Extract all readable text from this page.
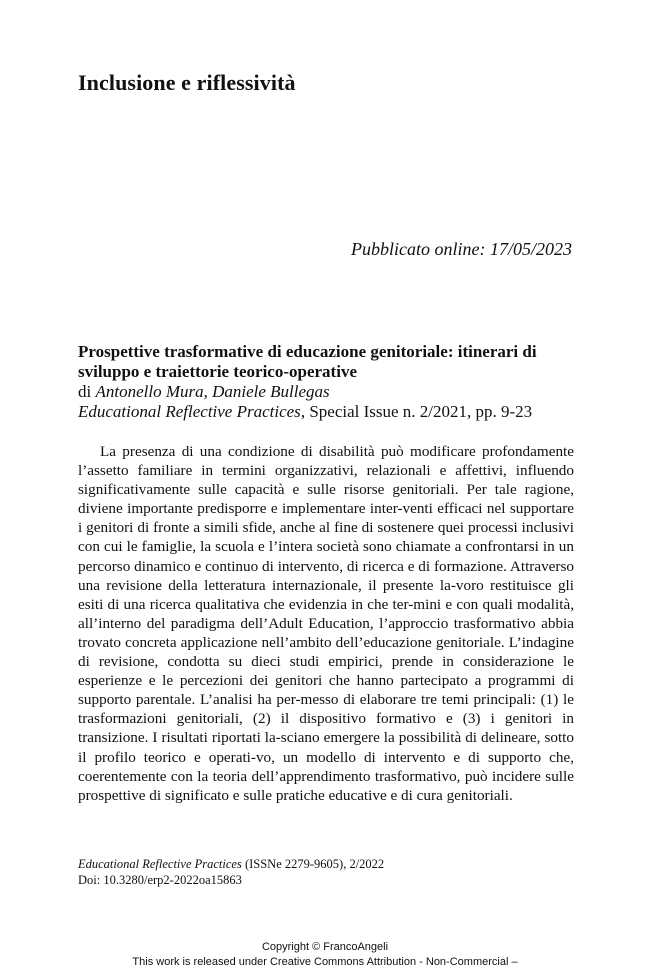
Inclusione e riflessività
Pubblicato online: 17/05/2023
Prospettive trasformative di educazione genitoriale: itinerari di sviluppo e traiettorie teorico-operative
di Antonello Mura, Daniele Bullegas
Educational Reflective Practices, Special Issue n. 2/2021, pp. 9-23

La presenza di una condizione di disabilità può modificare profondamente l’assetto familiare in termini organizzativi, relazionali e affettivi, influendo significativamente sulle capacità e sulle risorse genitoriali. Per tale ragione, diviene importante predisporre e implementare inter-venti efficaci nel supportare i genitori di fronte a simili sfide, anche al fine di sostenere quei processi inclusivi con cui le famiglie, la scuola e l’intera società sono chiamate a confrontarsi in un percorso dinamico e continuo di intervento, di ricerca e di formazione. Attraverso una revisione della letteratura internazionale, il presente la-voro restituisce gli esiti di una ricerca qualitativa che evidenzia in che ter-mini e con quali modalità, all’interno del paradigma dell’Adult Education, l’approccio trasformativo abbia trovato concreta applicazione nell’ambito dell’educazione genitoriale. L’indagine di revisione, condotta su dieci studi empirici, prende in considerazione le esperienze e le percezioni dei genitori che hanno partecipato a programmi di supporto parentale. L’analisi ha per-messo di elaborare tre temi principali: (1) le trasformazioni genitoriali, (2) il dispositivo formativo e (3) i genitori in transizione. I risultati riportati la-sciano emergere la possibilità di delineare, sotto il profilo teorico e operati-vo, un modello di intervento e di supporto che, coerentemente con la teoria dell’apprendimento trasformativo, può incidere sulle prospettive di significato e sulle pratiche educative e di cura genitoriali.

Educational Reflective Practices (ISSNe 2279-9605), 2/2022
Doi: 10.3280/erp2-2022oa15863
Copyright © FrancoAngeli
This work is released under Creative Commons Attribution - Non-Commercial –
